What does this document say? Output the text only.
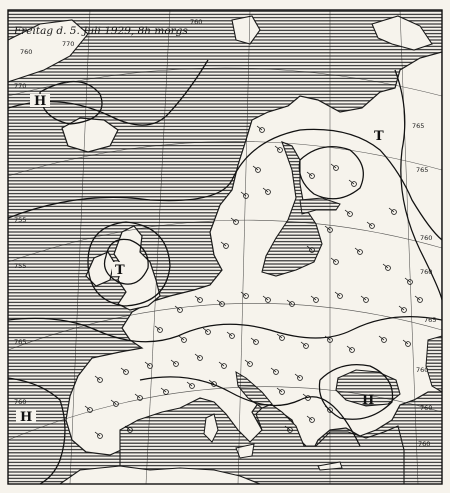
Freitag d. 5. Juli 1929, 8h morgs
760
770
770
765
765
755
755
760
760
765
765
760
760
760
760
760
H
T
H
H
T
